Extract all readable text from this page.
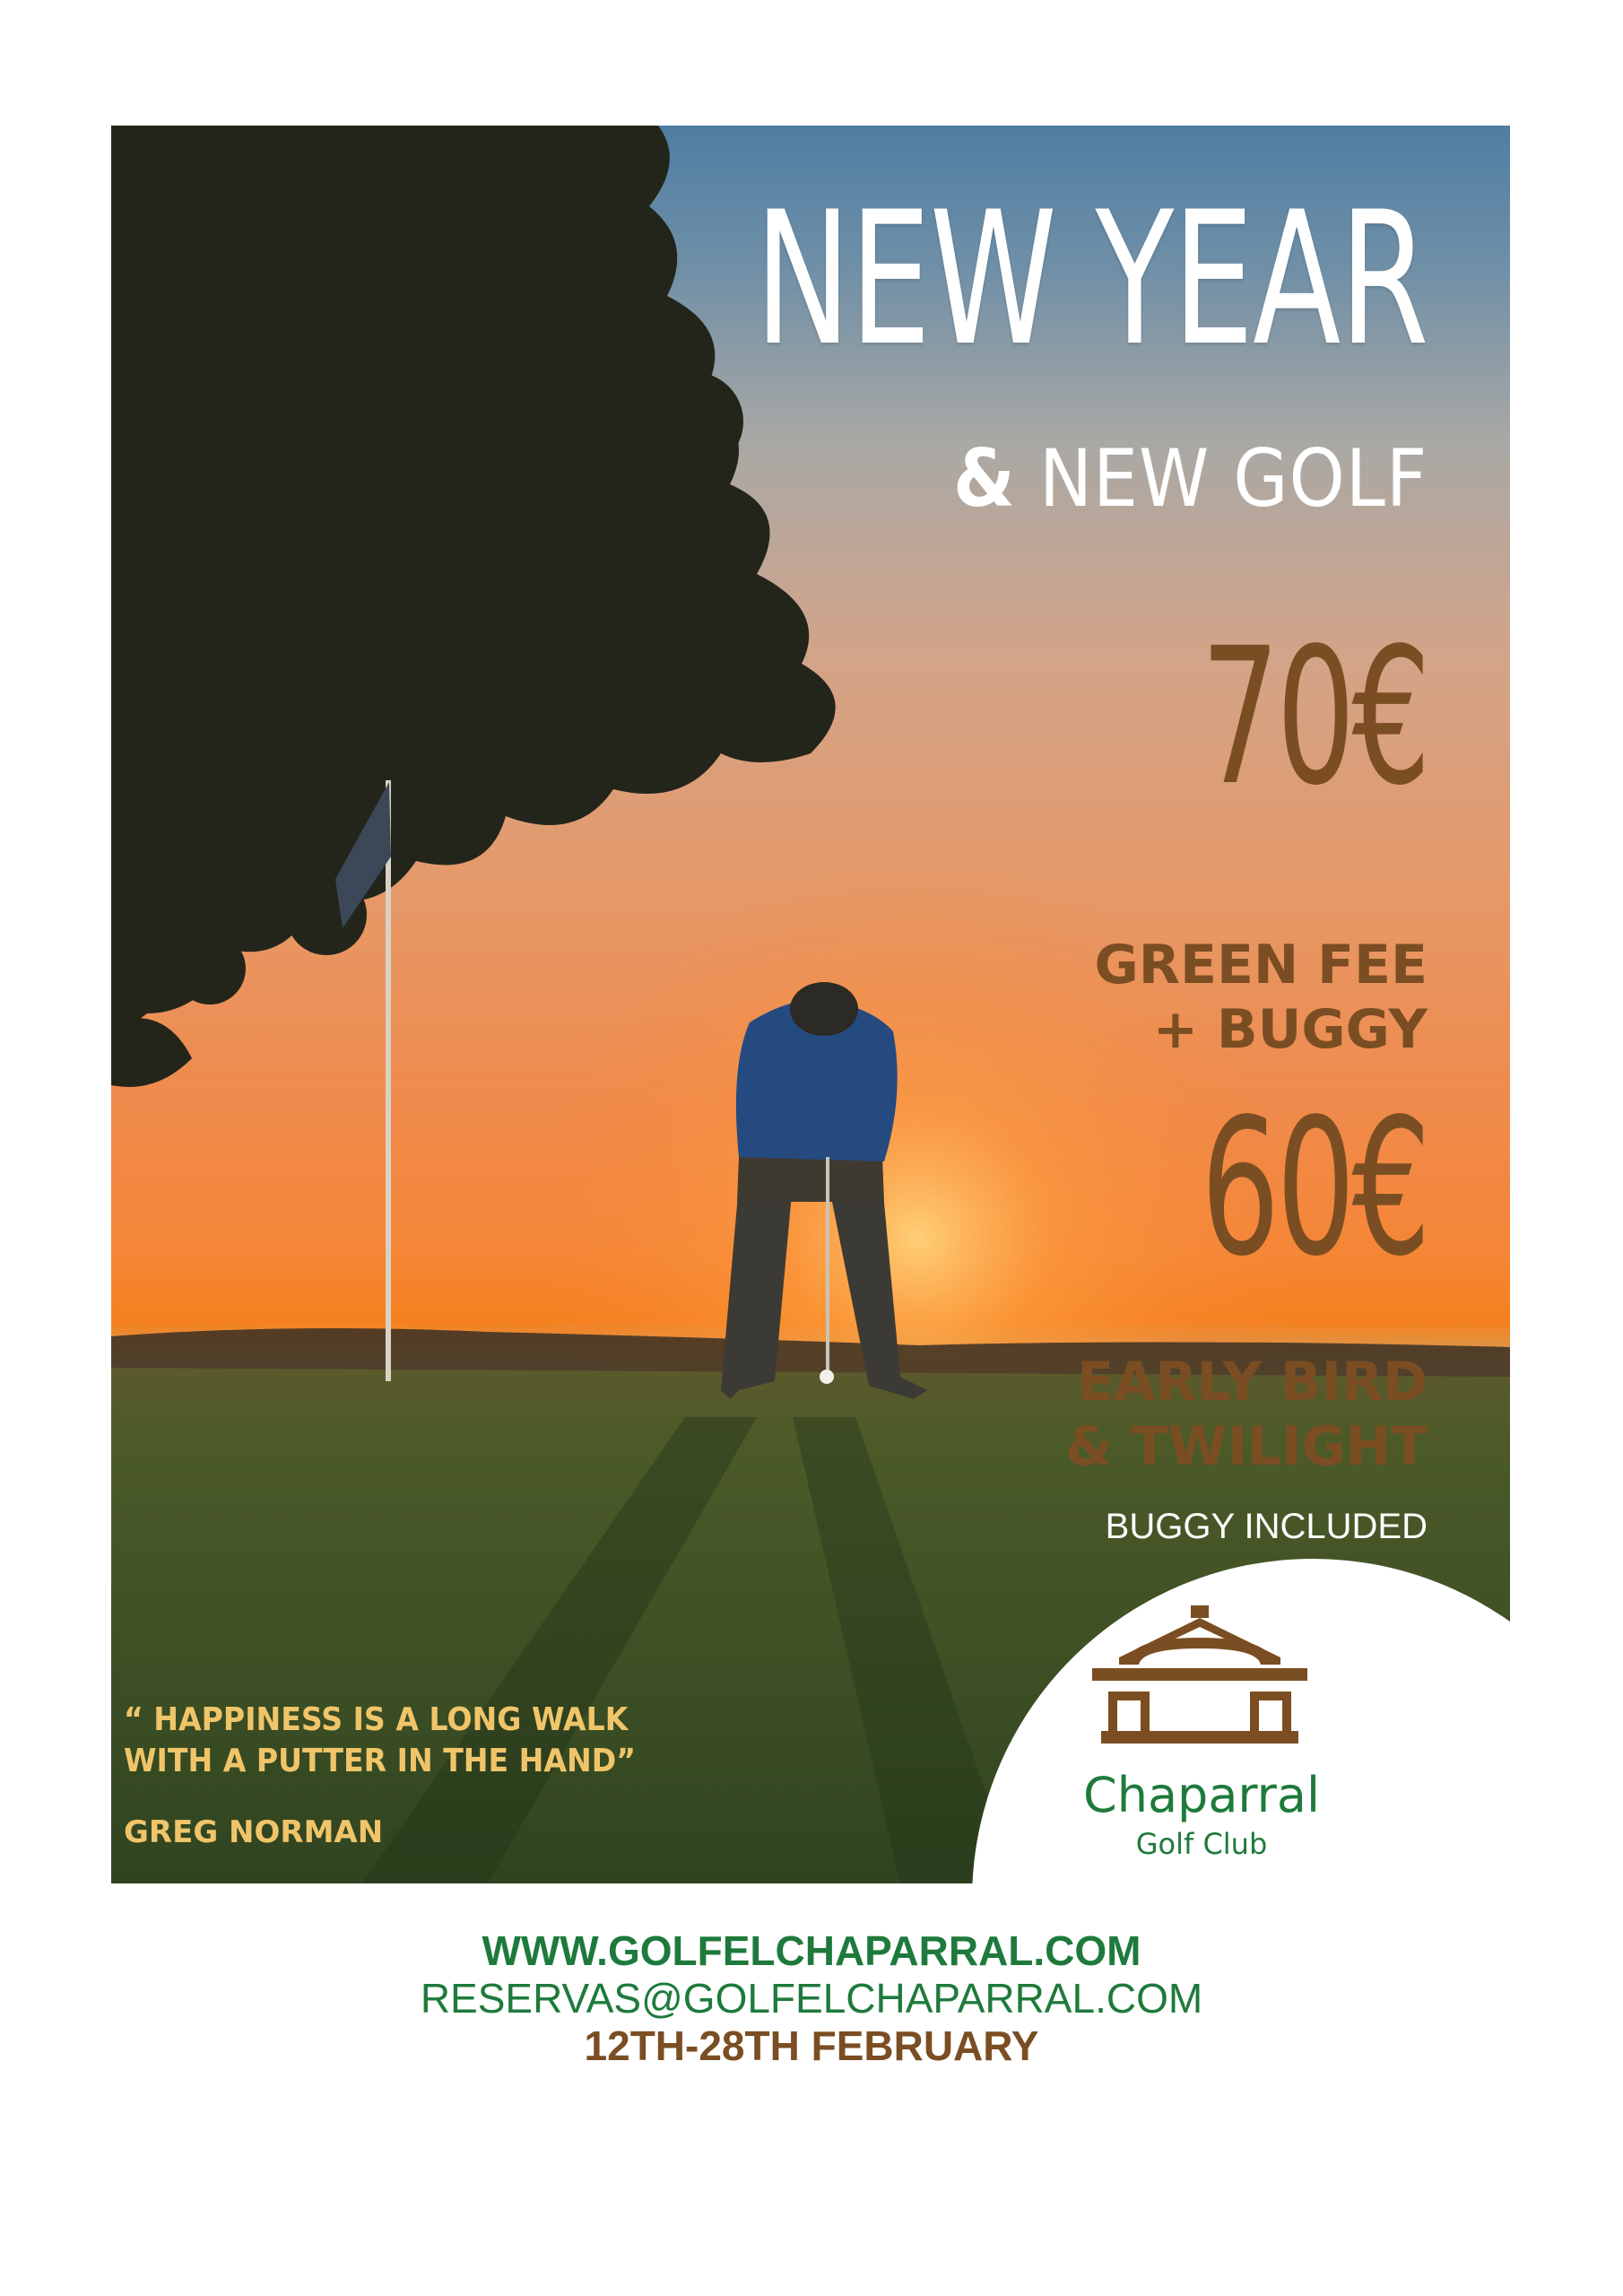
NEW YEAR
& NEW GOLF
70€
GREEN FEE
+ BUGGY
60€
EARLY BIRD
& TWILIGHT
BUGGY INCLUDED
“ HAPPINESS IS A LONG WALK
WITH A PUTTER IN THE HAND”
GREG NORMAN
Chaparral
Golf Club
WWW.GOLFELCHAPARRAL.COM
RESERVAS@GOLFELCHAPARRAL.COM
12TH-28TH FEBRUARY
